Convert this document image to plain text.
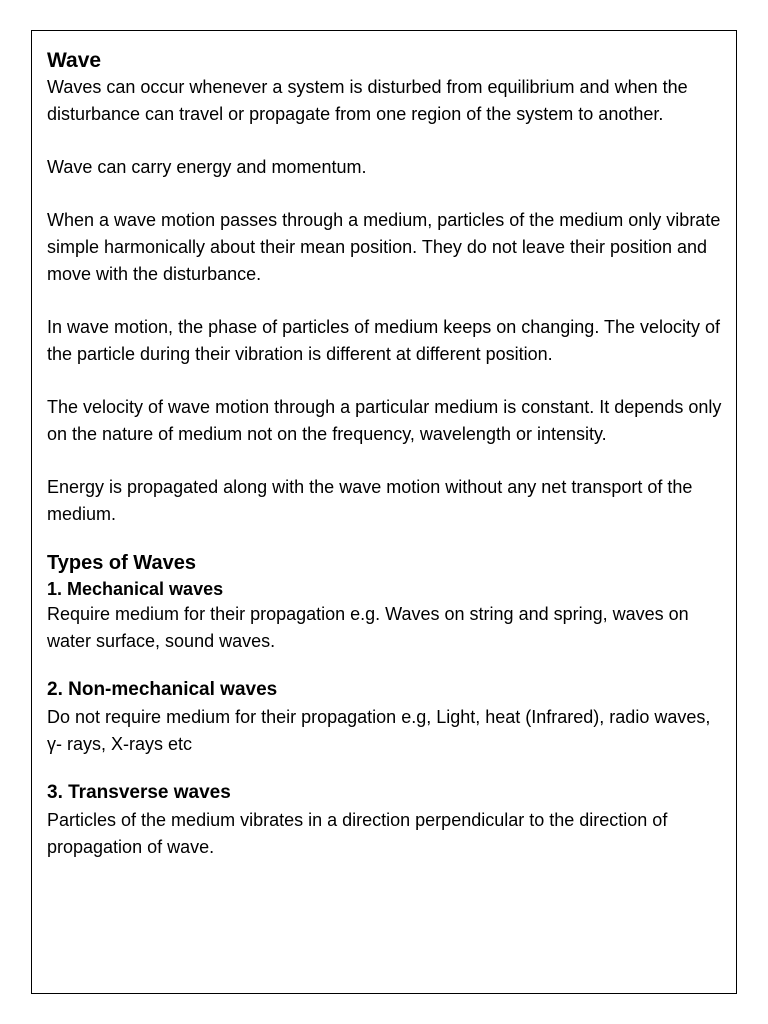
Wave

Waves can occur whenever a system is disturbed from equilibrium and when the disturbance can travel or propagate from one region of the system to another.

Wave can carry energy and momentum.

When a wave motion passes through a medium, particles of the medium only vibrate simple harmonically about their mean position. They do not leave their position and move with the disturbance.

In wave motion, the phase of particles of medium keeps on changing. The velocity of the particle during their vibration is different at different position.

The velocity of wave motion through a particular medium is constant. It depends only on the nature of medium not on the frequency, wavelength or intensity.

Energy is propagated along with the wave motion without any net transport of the medium.

Types of Waves
1. Mechanical waves

Require medium for their propagation e.g. Waves on string and spring, waves on water surface, sound waves.

2. Non-mechanical waves

Do not require medium for their propagation e.g, Light, heat (Infrared), radio waves, γ- rays, X-rays etc

3. Transverse waves

Particles of the medium vibrates in a direction perpendicular to the direction of propagation of wave.
